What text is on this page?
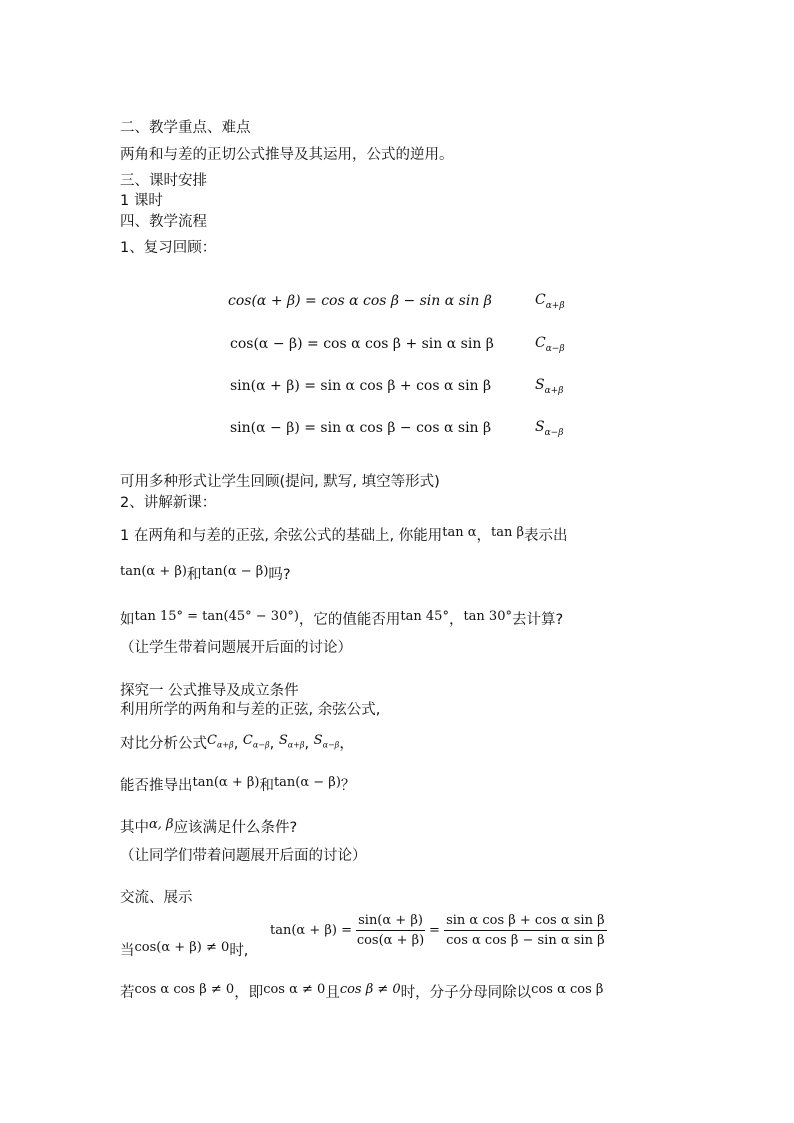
二、教学重点、难点
两角和与差的正切公式推导及其运用，公式的逆用。
三、课时安排
1 课时
四、教学流程
1、复习回顾：
cos(α + β) = cos α cos β − sin α sin β	$C_{\alpha+\beta}$
cos(α − β) = cos α cos β + sin α sin β	$C_{\alpha-\beta}$
sin(α + β) = sin α cos β + cos α sin β	$S_{\alpha+\beta}$
sin(α − β) = sin α cos β − cos α sin β	$S_{\alpha-\beta}$
可用多种形式让学生回顾(提问, 默写, 填空等形式)
2、讲解新课：
1 在两角和与差的正弦, 余弦公式的基础上, 你能用tan α，tan β表示出
tan(α + β)和tan(α − β)吗?
如tan 15° = tan(45° − 30°)，它的值能否用tan 45°，tan 30°去计算?
（让学生带着问题展开后面的讨论）
探究一 公式推导及成立条件
利用所学的两角和与差的正弦, 余弦公式,
对比分析公式$C_{\alpha+\beta}$, $C_{\alpha-\beta}$, $S_{\alpha+\beta}$, $S_{\alpha-\beta}$，
能否推导出tan(α + β)和tan(α − β)？
其中α, β应该满足什么条件?
（让同学们带着问题展开后面的讨论）
交流、展示
当cos(α + β) ≠ 0时,
$\tan(\alpha + \beta) = \frac{\sin(\alpha + \beta)}{\cos(\alpha + \beta)} = \frac{\text{sin α cos β + cos α sin β}}{\text{cos α cos β − sin α sin β}}$
若cos α cos β ≠ 0，即cos α ≠ 0且cos β ≠ 0时，分子分母同除以cos α cos β
